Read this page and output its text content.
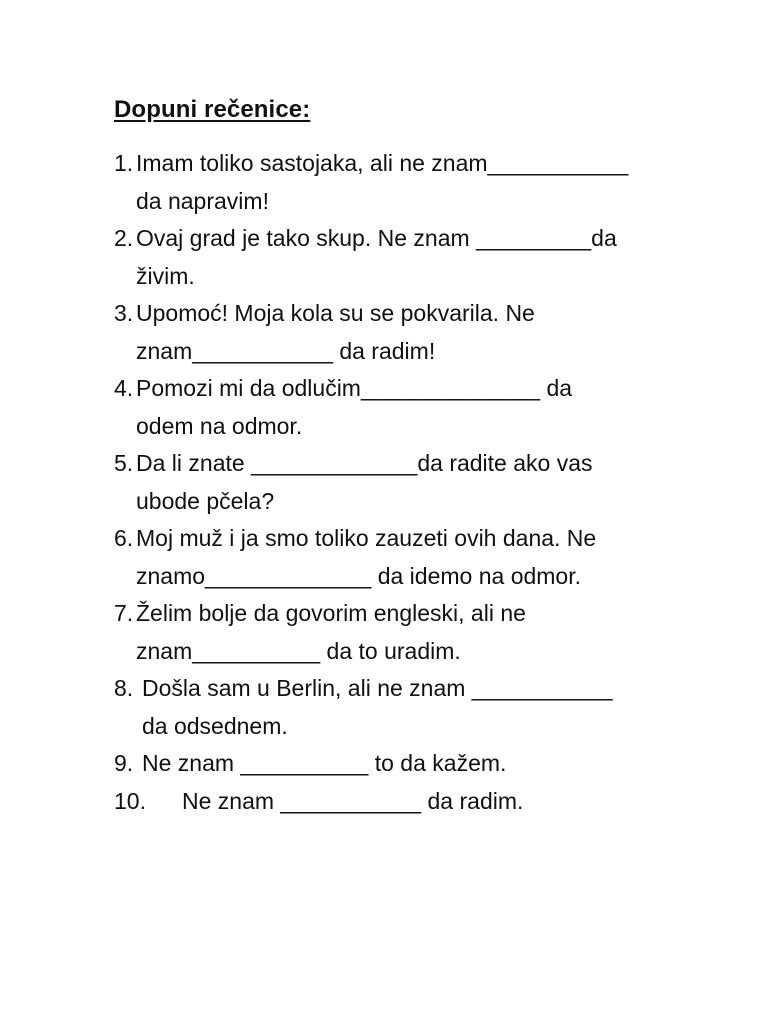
Dopuni rečenice:
1. Imam toliko sastojaka, ali ne znam___________
da napravim!
2. Ovaj grad je tako skup. Ne znam _________da
živim.
3. Upomoć! Moja kola su se pokvarila. Ne
znam___________ da radim!
4. Pomozi mi da odlučim______________ da
odem na odmor.
5. Da li znate _____________da radite ako vas
ubode pčela?
6. Moj muž i ja smo toliko zauzeti ovih dana. Ne
znamo_____________ da idemo na odmor.
7. Želim bolje da govorim engleski, ali ne
znam__________ da to uradim.
8. Došla sam u Berlin, ali ne znam ___________
da odsednem.
9. Ne znam __________ to da kažem.
10. Ne znam ___________ da radim.
